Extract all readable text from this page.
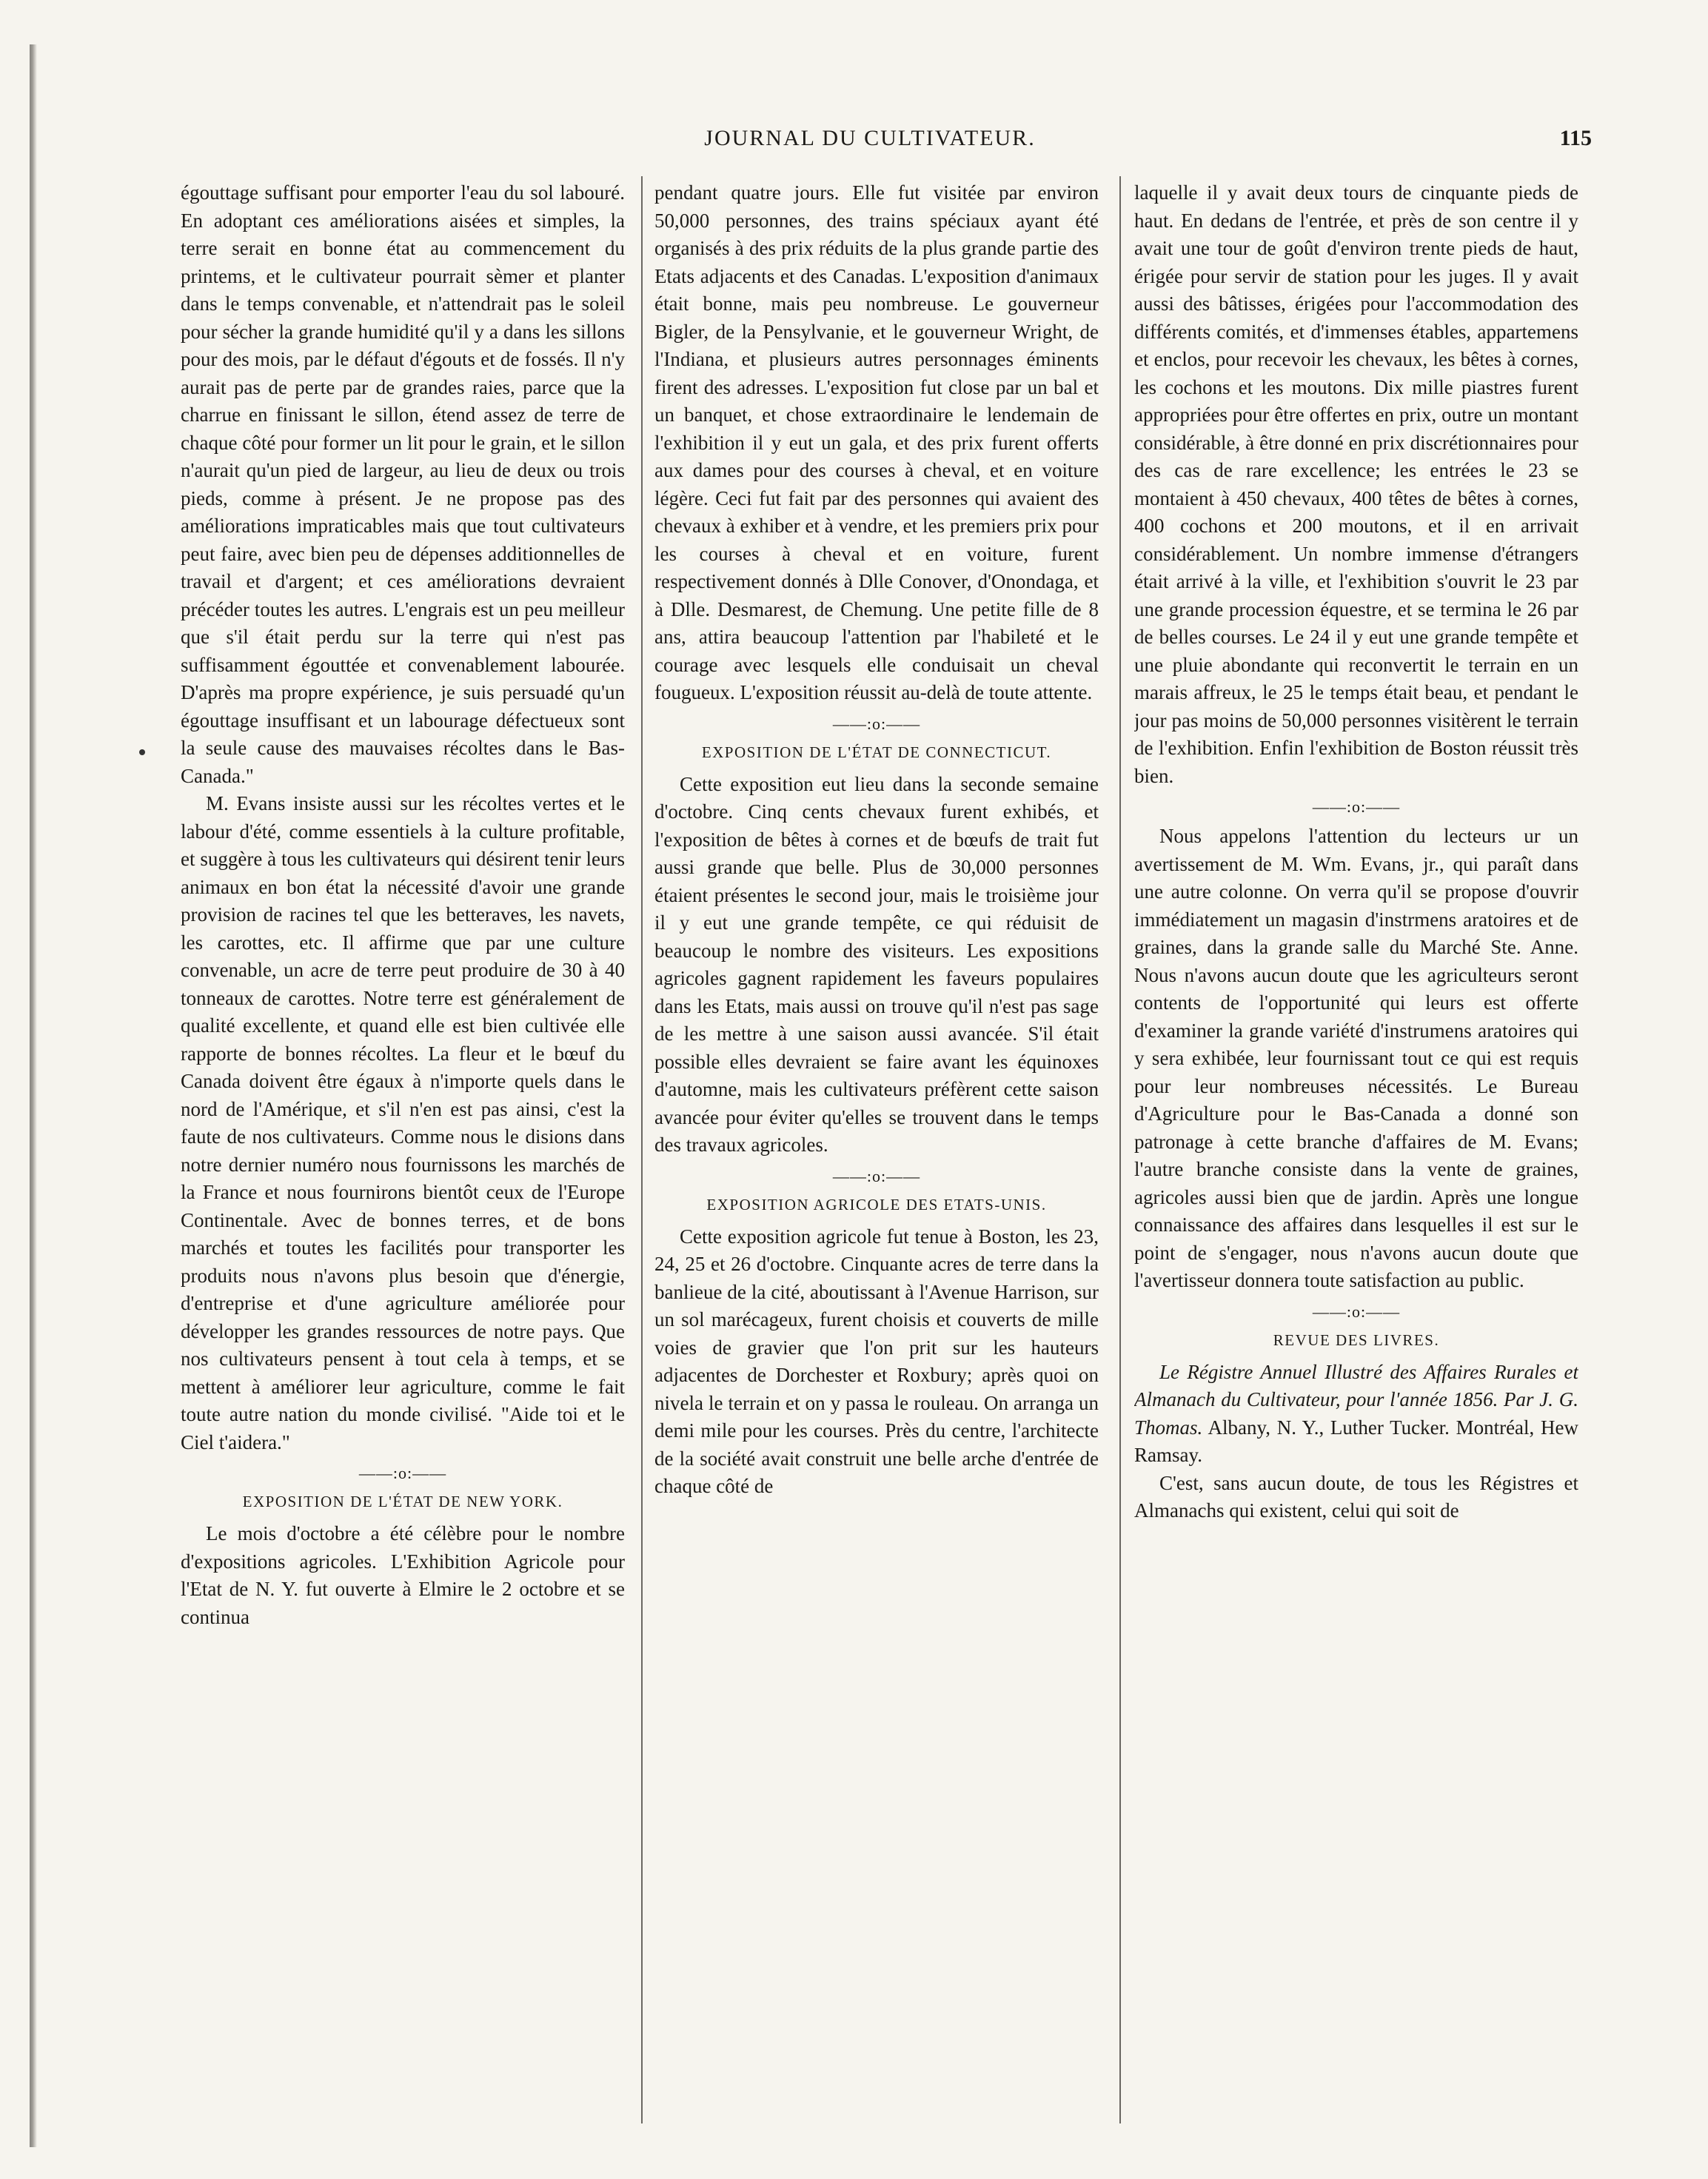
JOURNAL DU CULTIVATEUR.	115

égouttage suffisant pour emporter l'eau du sol labouré. En adoptant ces améliorations aisées et simples, la terre serait en bonne état au commencement du printems, et le cultivateur pourrait sèmer et planter dans le temps convenable, et n'attendrait pas le soleil pour sécher la grande humidité qu'il y a dans les sillons pour des mois, par le défaut d'égouts et de fossés. Il n'y aurait pas de perte par de grandes raies, parce que la charrue en finissant le sillon, étend assez de terre de chaque côté pour former un lit pour le grain, et le sillon n'aurait qu'un pied de largeur, au lieu de deux ou trois pieds, comme à présent. Je ne propose pas des améliorations impraticables mais que tout cultivateurs peut faire, avec bien peu de dépenses additionnelles de travail et d'argent; et ces améliorations devraient précéder toutes les autres. L'engrais est un peu meilleur que s'il était perdu sur la terre qui n'est pas suffisamment égouttée et convenablement labourée. D'après ma propre expérience, je suis persuadé qu'un égouttage insuffisant et un labourage défectueux sont la seule cause des mauvaises récoltes dans le Bas-Canada."

M. Evans insiste aussi sur les récoltes vertes et le labour d'été, comme essentiels à la culture profitable, et suggère à tous les cultivateurs qui désirent tenir leurs animaux en bon état la nécessité d'avoir une grande provision de racines tel que les betteraves, les navets, les carottes, etc. Il affirme que par une culture convenable, un acre de terre peut produire de 30 à 40 tonneaux de carottes. Notre terre est généralement de qualité excellente, et quand elle est bien cultivée elle rapporte de bonnes récoltes. La fleur et le bœuf du Canada doivent être égaux à n'importe quels dans le nord de l'Amérique, et s'il n'en est pas ainsi, c'est la faute de nos cultivateurs. Comme nous le disions dans notre dernier numéro nous fournissons les marchés de la France et nous fournirons bientôt ceux de l'Europe Continentale. Avec de bonnes terres, et de bons marchés et toutes les facilités pour transporter les produits nous n'avons plus besoin que d'énergie, d'entreprise et d'une agriculture améliorée pour développer les grandes ressources de notre pays. Que nos cultivateurs pensent à tout cela à temps, et se mettent à améliorer leur agriculture, comme le fait toute autre nation du monde civilisé. "Aide toi et le Ciel t'aidera."

——:o:——
EXPOSITION DE L'ÉTAT DE NEW YORK.

Le mois d'octobre a été célèbre pour le nombre d'expositions agricoles. L'Exhibition Agricole pour l'Etat de N. Y. fut ouverte à Elmire le 2 octobre et se continua

pendant quatre jours. Elle fut visitée par environ 50,000 personnes, des trains spéciaux ayant été organisés à des prix réduits de la plus grande partie des Etats adjacents et des Canadas. L'exposition d'animaux était bonne, mais peu nombreuse. Le gouverneur Bigler, de la Pensylvanie, et le gouverneur Wright, de l'Indiana, et plusieurs autres personnages éminents firent des adresses. L'exposition fut close par un bal et un banquet, et chose extraordinaire le lendemain de l'exhibition il y eut un gala, et des prix furent offerts aux dames pour des courses à cheval, et en voiture légère. Ceci fut fait par des personnes qui avaient des chevaux à exhiber et à vendre, et les premiers prix pour les courses à cheval et en voiture, furent respectivement donnés à Dlle Conover, d'Onondaga, et à Dlle. Desmarest, de Chemung. Une petite fille de 8 ans, attira beaucoup l'attention par l'habileté et le courage avec lesquels elle conduisait un cheval fougueux. L'exposition réussit au-delà de toute attente.

——:o:——
EXPOSITION DE L'ÉTAT DE CONNECTICUT.

Cette exposition eut lieu dans la seconde semaine d'octobre. Cinq cents chevaux furent exhibés, et l'exposition de bêtes à cornes et de bœufs de trait fut aussi grande que belle. Plus de 30,000 personnes étaient présentes le second jour, mais le troisième jour il y eut une grande tempête, ce qui réduisit de beaucoup le nombre des visiteurs. Les expositions agricoles gagnent rapidement les faveurs populaires dans les Etats, mais aussi on trouve qu'il n'est pas sage de les mettre à une saison aussi avancée. S'il était possible elles devraient se faire avant les équinoxes d'automne, mais les cultivateurs préfèrent cette saison avancée pour éviter qu'elles se trouvent dans le temps des travaux agricoles.

——:o:——
EXPOSITION AGRICOLE DES ETATS-UNIS.

Cette exposition agricole fut tenue à Boston, les 23, 24, 25 et 26 d'octobre. Cinquante acres de terre dans la banlieue de la cité, aboutissant à l'Avenue Harrison, sur un sol marécageux, furent choisis et couverts de mille voies de gravier que l'on prit sur les hauteurs adjacentes de Dorchester et Roxbury; après quoi on nivela le terrain et on y passa le rouleau. On arranga un demi mile pour les courses. Près du centre, l'architecte de la société avait construit une belle arche d'entrée de chaque côté de

laquelle il y avait deux tours de cinquante pieds de haut. En dedans de l'entrée, et près de son centre il y avait une tour de goût d'environ trente pieds de haut, érigée pour servir de station pour les juges. Il y avait aussi des bâtisses, érigées pour l'accommodation des différents comités, et d'immenses étables, appartemens et enclos, pour recevoir les chevaux, les bêtes à cornes, les cochons et les moutons. Dix mille piastres furent appropriées pour être offertes en prix, outre un montant considérable, à être donné en prix discrétionnaires pour des cas de rare excellence; les entrées le 23 se montaient à 450 chevaux, 400 têtes de bêtes à cornes, 400 cochons et 200 moutons, et il en arrivait considérablement. Un nombre immense d'étrangers était arrivé à la ville, et l'exhibition s'ouvrit le 23 par une grande procession équestre, et se termina le 26 par de belles courses. Le 24 il y eut une grande tempête et une pluie abondante qui reconvertit le terrain en un marais affreux, le 25 le temps était beau, et pendant le jour pas moins de 50,000 personnes visitèrent le terrain de l'exhibition. Enfin l'exhibition de Boston réussit très bien.

——:o:——

Nous appelons l'attention du lecteurs ur un avertissement de M. Wm. Evans, jr., qui paraît dans une autre colonne. On verra qu'il se propose d'ouvrir immédiatement un magasin d'instrmens aratoires et de graines, dans la grande salle du Marché Ste. Anne. Nous n'avons aucun doute que les agriculteurs seront contents de l'opportunité qui leurs est offerte d'examiner la grande variété d'instrumens aratoires qui y sera exhibée, leur fournissant tout ce qui est requis pour leur nombreuses nécessités. Le Bureau d'Agriculture pour le Bas-Canada a donné son patronage à cette branche d'affaires de M. Evans; l'autre branche consiste dans la vente de graines, agricoles aussi bien que de jardin. Après une longue connaissance des affaires dans lesquelles il est sur le point de s'engager, nous n'avons aucun doute que l'avertisseur donnera toute satisfaction au public.

——:o:——
REVUE DES LIVRES.

Le Régistre Annuel Illustré des Affaires Rurales et Almanach du Cultivateur, pour l'année 1856. Par J. G. Thomas. Albany, N. Y., Luther Tucker. Montréal, Hew Ramsay.

C'est, sans aucun doute, de tous les Régistres et Almanachs qui existent, celui qui soit de
